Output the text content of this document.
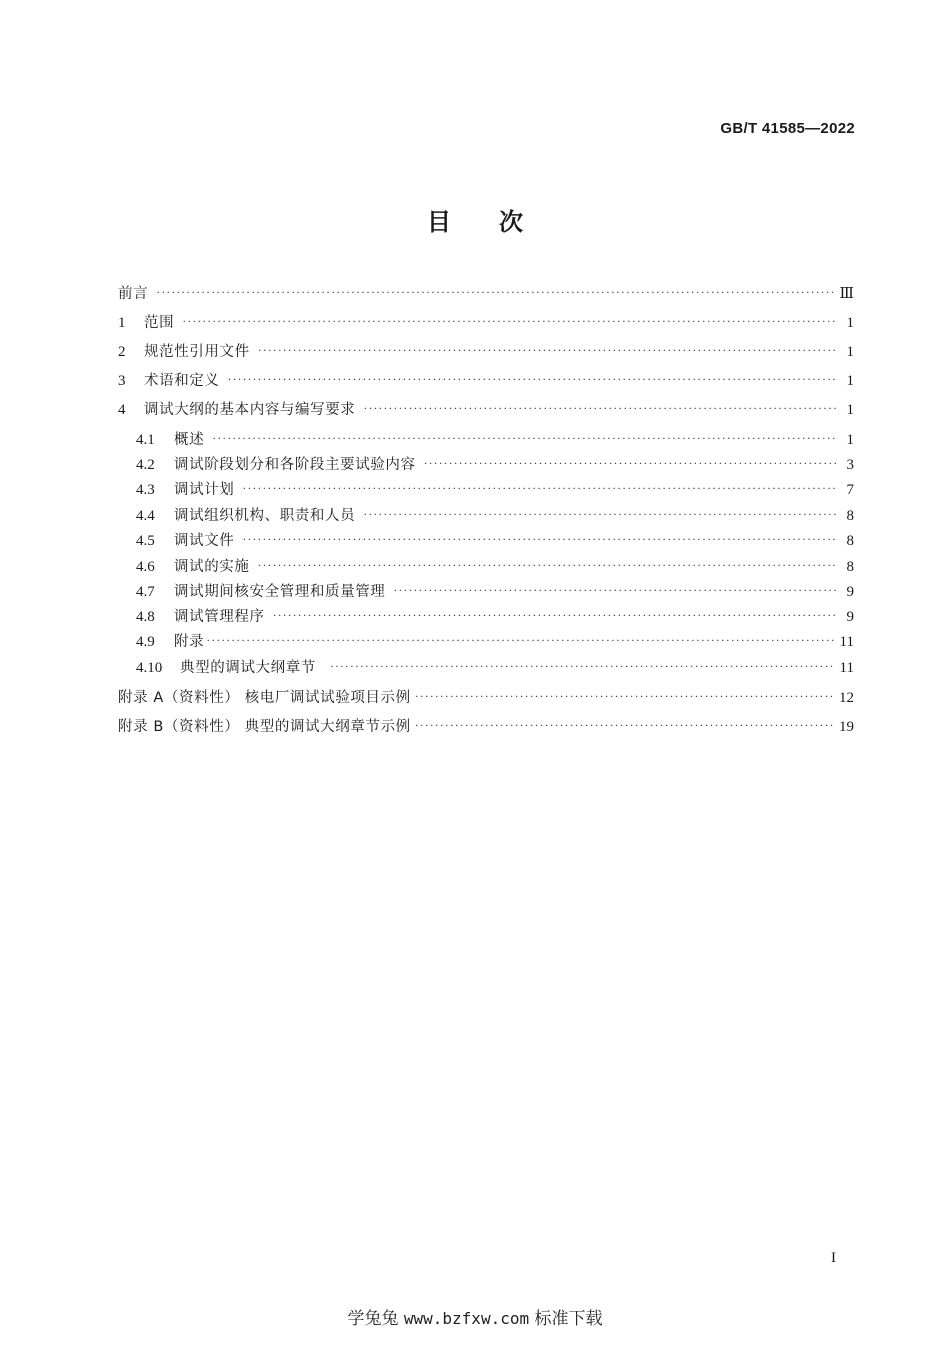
GB/T 41585—2022
目次
前言 ·····	Ⅲ
1	范围 ·····	1
2	规范性引用文件 ·····	1
3	术语和定义 ·····	1
4	调试大纲的基本内容与编写要求 ·····	1
4.1	概述 ·····	1
4.2	调试阶段划分和各阶段主要试验内容 ·····	3
4.3	调试计划 ·····	7
4.4	调试组织机构、职责和人员 ·····	8
4.5	调试文件 ·····	8
4.6	调试的实施 ·····	8
4.7	调试期间核安全管理和质量管理 ·····	9
4.8	调试管理程序 ·····	9
4.9	附录 ·····	11
4.10	典型的调试大纲章节 ·····	11
附录 A（资料性） 核电厂调试试验项目示例 ·····	12
附录 B（资料性） 典型的调试大纲章节示例 ·····	19
I
学兔兔 www.bzfxw.com 标准下载
